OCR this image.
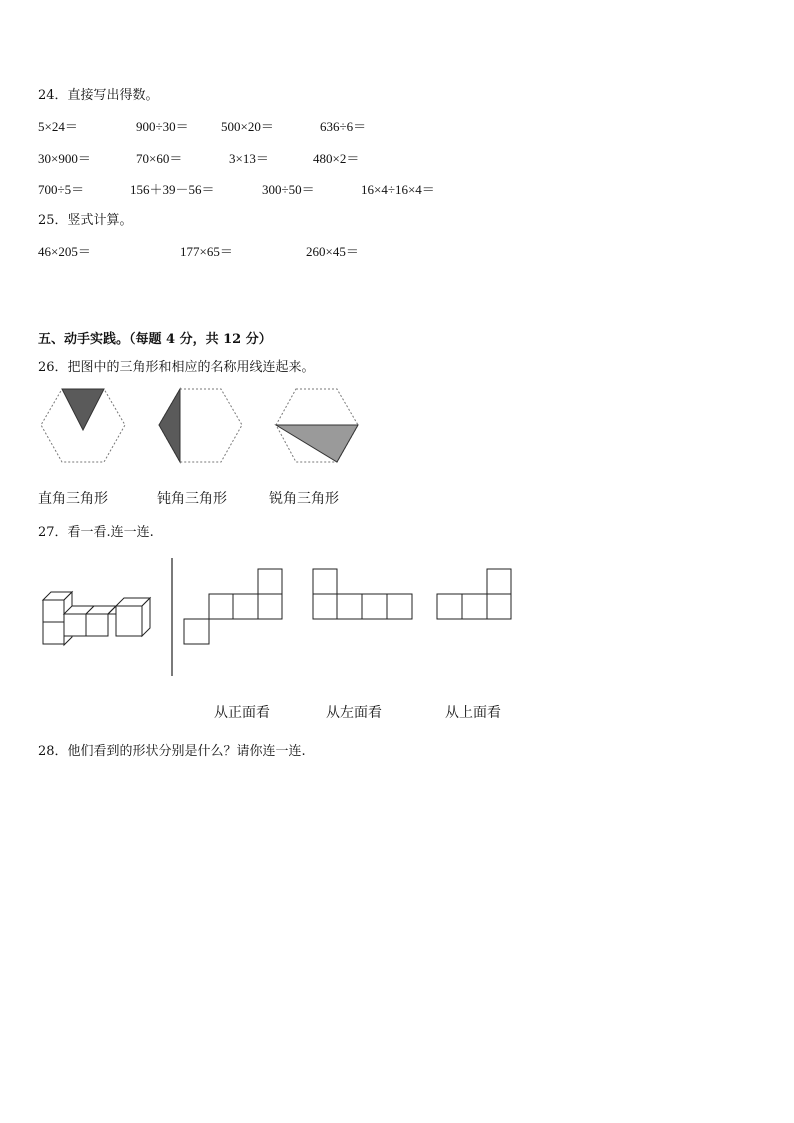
24．直接写出得数。
5×24＝	900÷30＝ 500×20＝	636÷6＝
30×900＝	70×60＝	3×13＝	480×2＝
700÷5＝	156＋39－56＝	300÷50＝	16×4÷16×4＝
25．竖式计算。
46×205＝	177×65＝	260×45＝
五、动手实践。（每题 4 分，共 12 分）
26．把图中的三角形和相应的名称用线连起来。
直角三角形	钝角三角形	锐角三角形
27．看一看.连一连.
从正面看	从左面看	从上面看
28．他们看到的形状分别是什么？请你连一连.
